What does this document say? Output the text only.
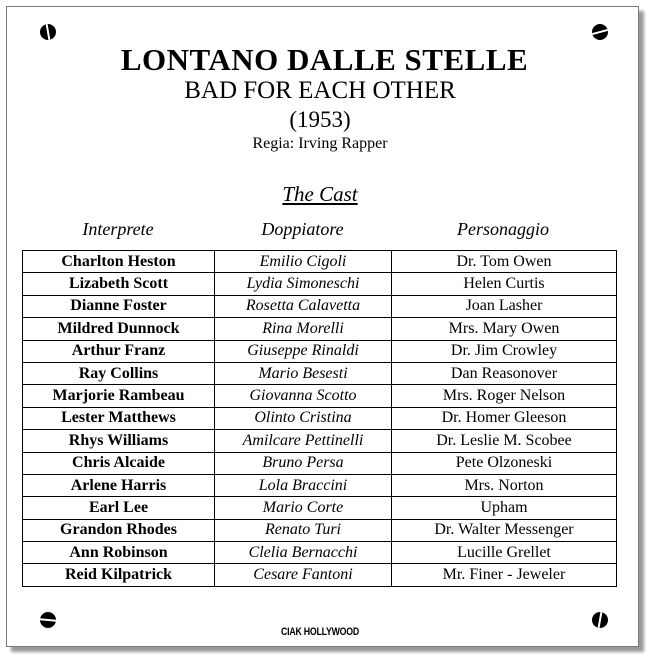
LONTANO DALLE STELLE
BAD FOR EACH OTHER
(1953)
Regia: Irving Rapper
The Cast
Interprete	Doppiatore	Personaggio
Charlton Heston	Emilio Cigoli	Dr. Tom Owen
Lizabeth Scott	Lydia Simoneschi	Helen Curtis
Dianne Foster	Rosetta Calavetta	Joan Lasher
Mildred Dunnock	Rina Morelli	Mrs. Mary Owen
Arthur Franz	Giuseppe Rinaldi	Dr. Jim Crowley
Ray Collins	Mario Besesti	Dan Reasonover
Marjorie Rambeau	Giovanna Scotto	Mrs. Roger Nelson
Lester Matthews	Olinto Cristina	Dr. Homer Gleeson
Rhys Williams	Amilcare Pettinelli	Dr. Leslie M. Scobee
Chris Alcaide	Bruno Persa	Pete Olzoneski
Arlene Harris	Lola Braccini	Mrs. Norton
Earl Lee	Mario Corte	Upham
Grandon Rhodes	Renato Turi	Dr. Walter Messenger
Ann Robinson	Clelia Bernacchi	Lucille Grellet
Reid Kilpatrick	Cesare Fantoni	Mr. Finer - Jeweler
CIAK HOLLYWOOD
